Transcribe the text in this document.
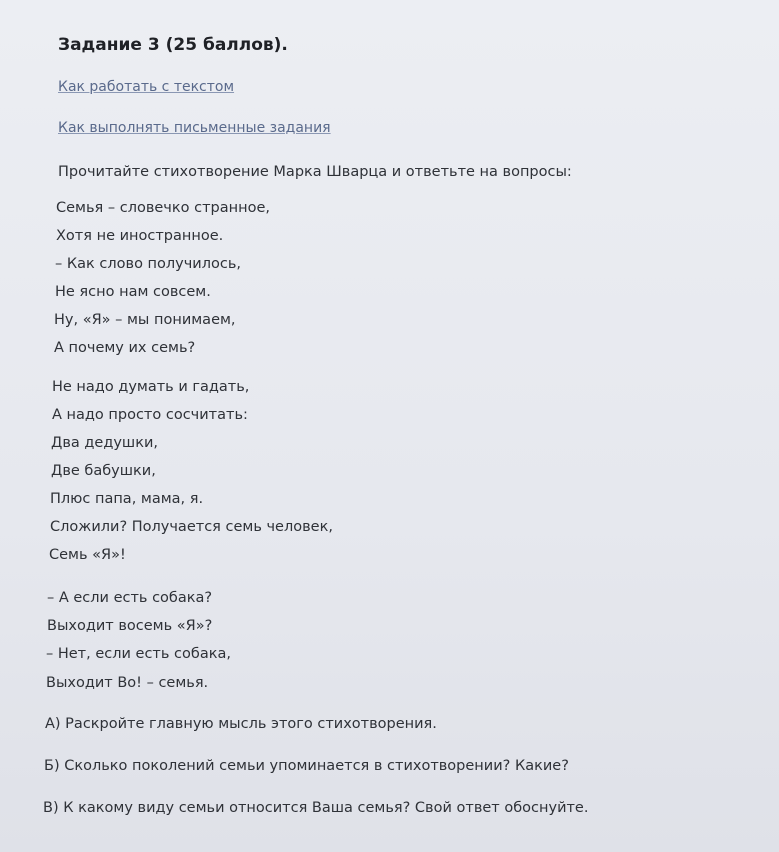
Задание 3 (25 баллов).
Как работать с текстом
Как выполнять письменные задания
Прочитайте стихотворение Марка Шварца и ответьте на вопросы:
Семья – словечко странное,
Хотя не иностранное.
– Как слово получилось,
Не ясно нам совсем.
Ну, «Я» – мы понимаем,
А почему их семь?
Не надо думать и гадать,
А надо просто сосчитать:
Два дедушки,
Две бабушки,
Плюс папа, мама, я.
Сложили? Получается семь человек,
Семь «Я»!
– А если есть собака?
Выходит восемь «Я»?
– Нет, если есть собака,
Выходит Во! – семья.
А) Раскройте главную мысль этого стихотворения.
Б) Сколько поколений семьи упоминается в стихотворении? Какие?
В) К какому виду семьи относится Ваша семья? Свой ответ обоснуйте.
